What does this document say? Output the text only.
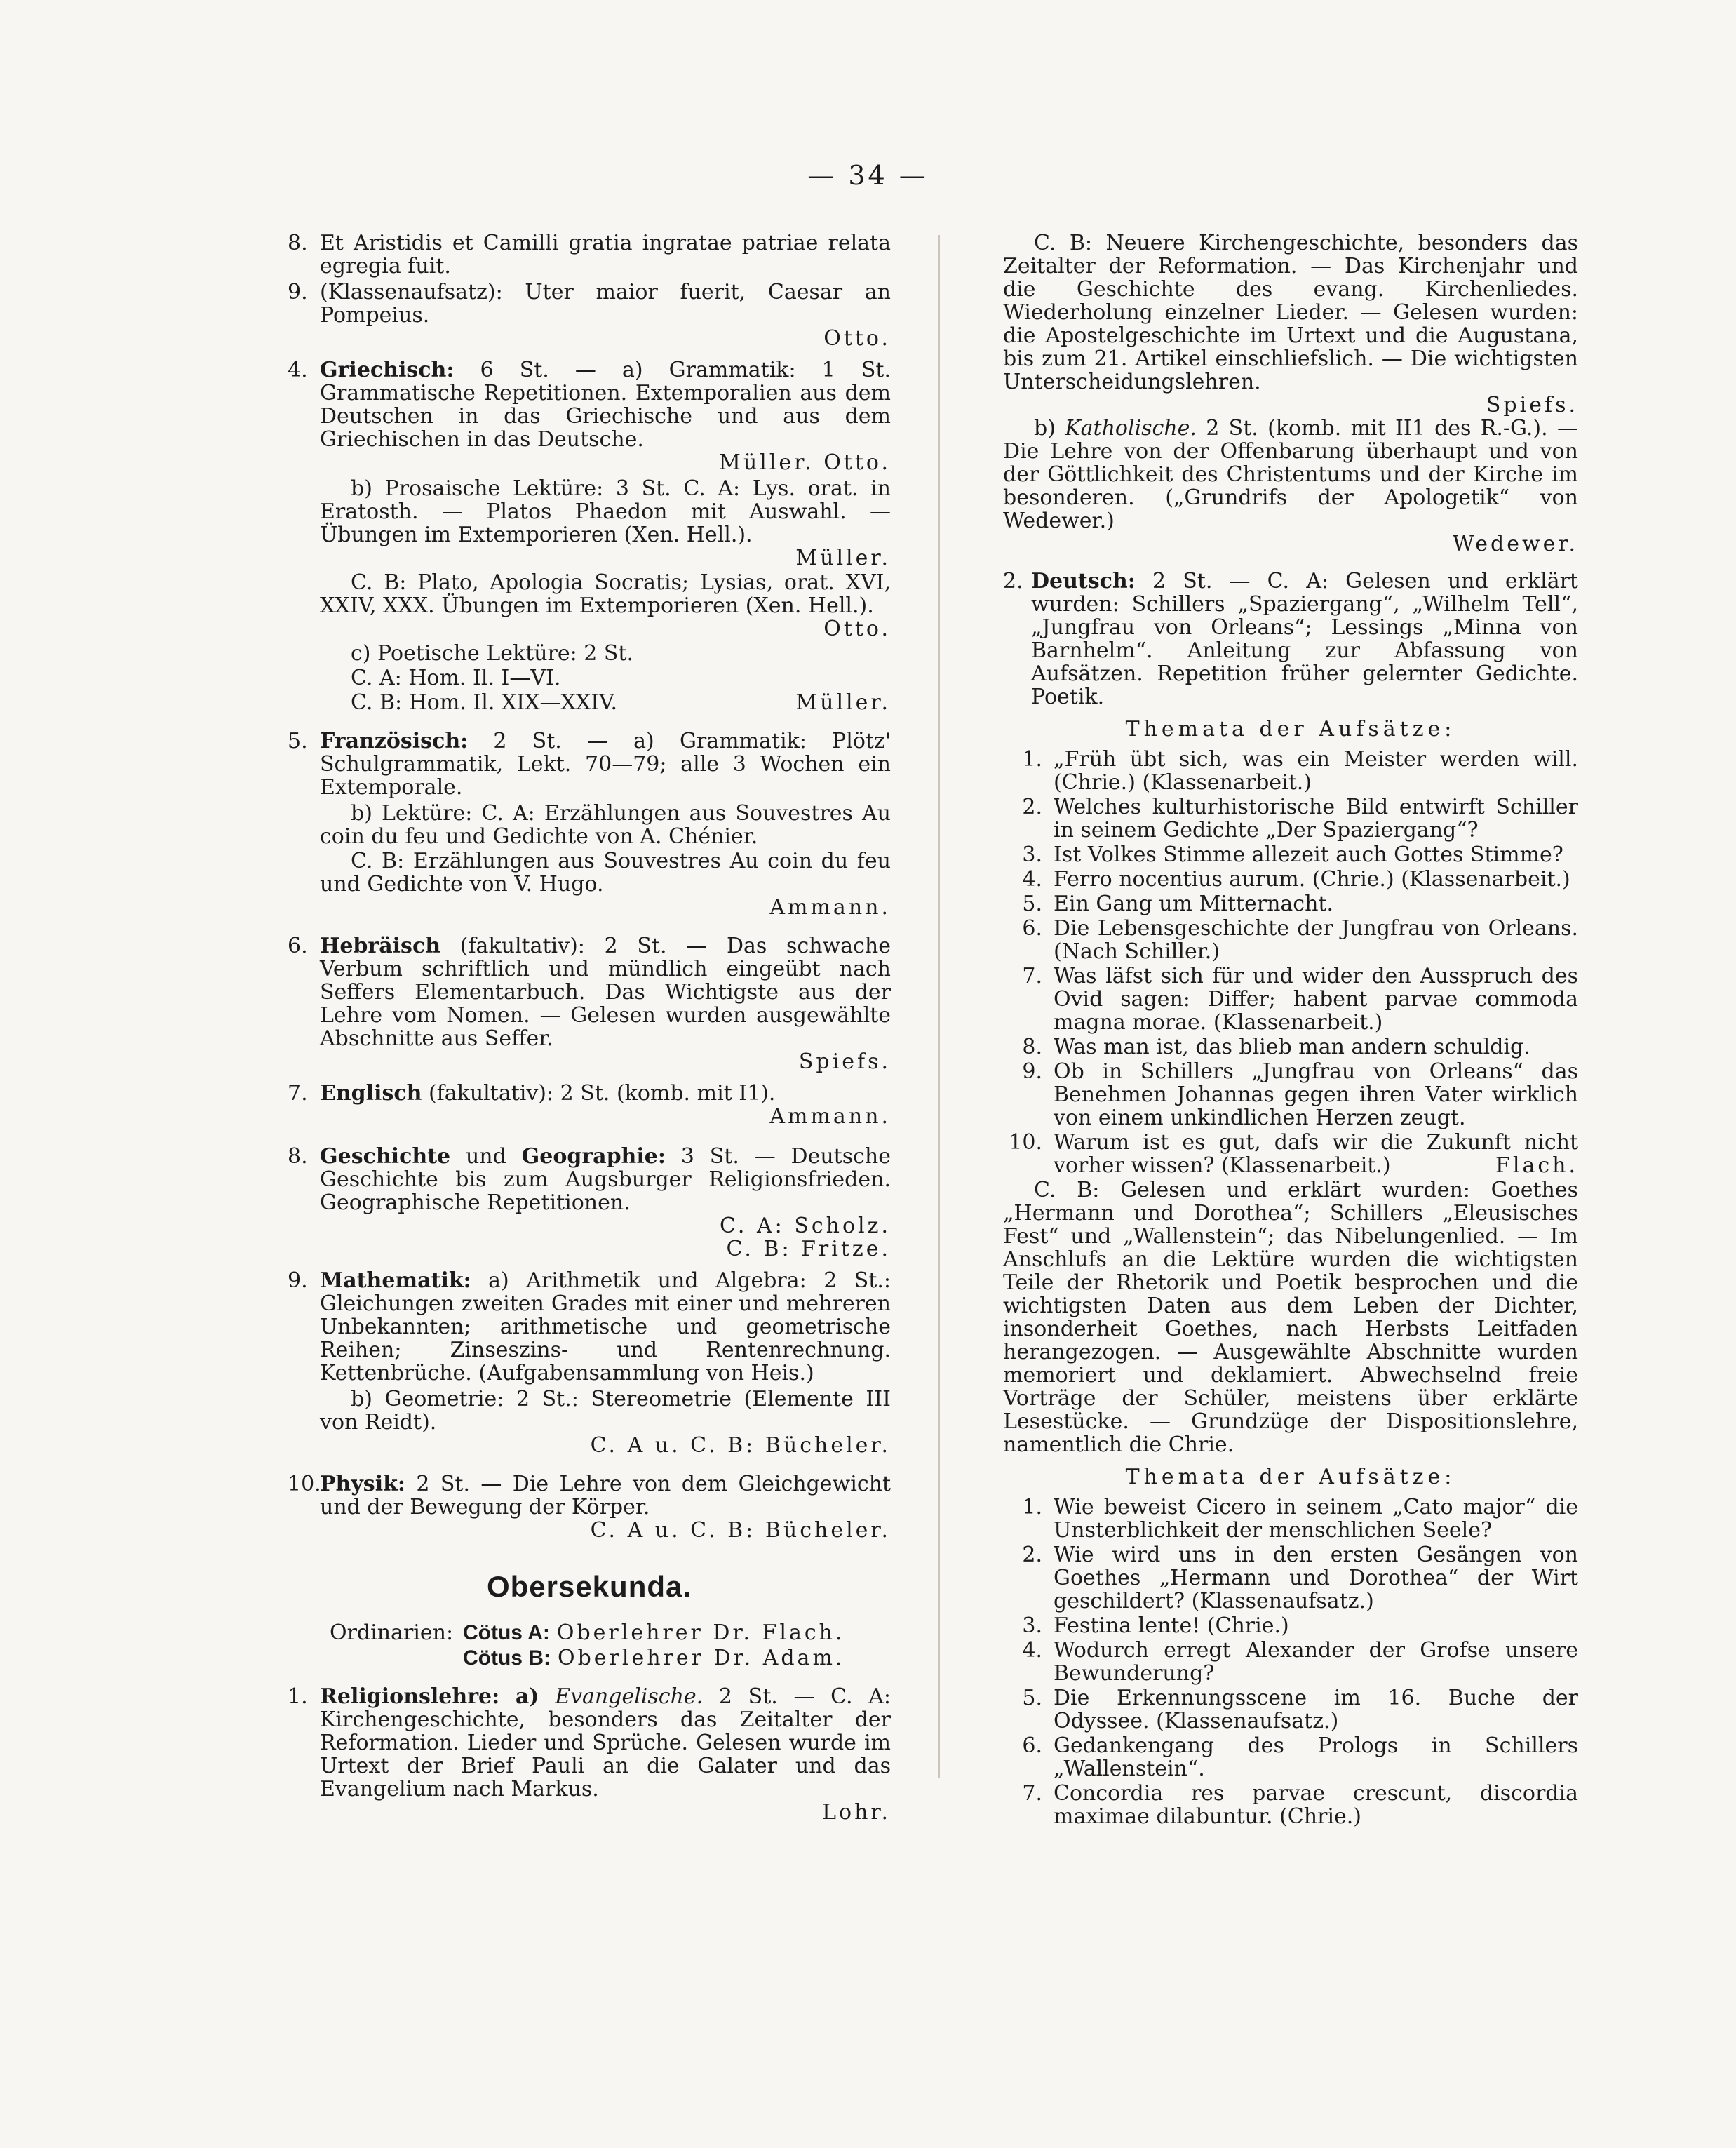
— 34 —
8. Et Aristidis et Camilli gratia ingratae patriae relata egregia fuit.
9. (Klassenaufsatz): Uter maior fuerit, Caesar an Pompeius.
Otto.
4. Griechisch: 6 St. — a) Grammatik: 1 St. Grammatische Repetitionen. Extemporalien aus dem Deutschen in das Griechische und aus dem Griechischen in das Deutsche.
Müller. Otto.
b) Prosaische Lektüre: 3 St. C. A: Lys. orat. in Eratosth. — Platos Phaedon mit Auswahl. — Übungen im Extemporieren (Xen. Hell.).
Müller.
C. B: Plato, Apologia Socratis; Lysias, orat. XVI, XXIV, XXX. Übungen im Extemporieren (Xen. Hell.).
Otto.
c) Poetische Lektüre: 2 St.
C. A: Hom. Il. I—VI.
C. B: Hom. Il. XIX—XXIV.	Müller.
5. Französisch: 2 St. — a) Grammatik: Plötz' Schulgrammatik, Lekt. 70—79; alle 3 Wochen ein Extemporale.
b) Lektüre: C. A: Erzählungen aus Souvestres Au coin du feu und Gedichte von A. Chénier.
C. B: Erzählungen aus Souvestres Au coin du feu und Gedichte von V. Hugo.
Ammann.
6. Hebräisch (fakultativ): 2 St. — Das schwache Verbum schriftlich und mündlich eingeübt nach Seffers Elementarbuch. Das Wichtigste aus der Lehre vom Nomen. — Gelesen wurden ausgewählte Abschnitte aus Seffer.
Spiefs.
7. Englisch (fakultativ): 2 St. (komb. mit I1).
Ammann.
8. Geschichte und Geographie: 3 St. — Deutsche Geschichte bis zum Augsburger Religionsfrieden. Geographische Repetitionen.
C. A: Scholz.
C. B: Fritze.
9. Mathematik: a) Arithmetik und Algebra: 2 St.: Gleichungen zweiten Grades mit einer und mehreren Unbekannten; arithmetische und geometrische Reihen; Zinseszins- und Rentenrechnung. Kettenbrüche. (Aufgabensammlung von Heis.)
b) Geometrie: 2 St.: Stereometrie (Elemente III von Reidt).
C. A u. C. B: Bücheler.
10.
Physik: 2 St. — Die Lehre von dem Gleichgewicht und der Bewegung der Körper.
C. A u. C. B: Bücheler.
Obersekunda.
Ordinarien: Cötus A: Oberlehrer Dr. Flach.
Cötus B: Oberlehrer Dr. Adam.
1. Religionslehre: a) Evangelische. 2 St. — C. A: Kirchengeschichte, besonders das Zeitalter der Reformation. Lieder und Sprüche. Gelesen wurde im Urtext der Brief Pauli an die Galater und das Evangelium nach Markus.
Lohr.
C. B: Neuere Kirchengeschichte, besonders das Zeitalter der Reformation. — Das Kirchenjahr und die Geschichte des evang. Kirchenliedes. Wiederholung einzelner Lieder. — Gelesen wurden: die Apostelgeschichte im Urtext und die Augustana, bis zum 21. Artikel einschliefslich. — Die wichtigsten Unterscheidungslehren.
Spiefs.
b) Katholische. 2 St. (komb. mit II1 des R.-G.). — Die Lehre von der Offenbarung überhaupt und von der Göttlichkeit des Christentums und der Kirche im besonderen. („Grundrifs der Apologetik“ von Wedewer.)
Wedewer.
2. Deutsch: 2 St. — C. A: Gelesen und erklärt wurden: Schillers „Spaziergang“, „Wilhelm Tell“, „Jungfrau von Orleans“; Lessings „Minna von Barnhelm“. Anleitung zur Abfassung von Aufsätzen. Repetition früher gelernter Gedichte. Poetik.
Themata der Aufsätze:
1. „Früh übt sich, was ein Meister werden will. (Chrie.) (Klassenarbeit.)
2. Welches kulturhistorische Bild entwirft Schiller in seinem Gedichte „Der Spaziergang“?
3. Ist Volkes Stimme allezeit auch Gottes Stimme?
4. Ferro nocentius aurum. (Chrie.) (Klassenarbeit.)
5. Ein Gang um Mitternacht.
6. Die Lebensgeschichte der Jungfrau von Orleans. (Nach Schiller.)
7. Was läfst sich für und wider den Ausspruch des Ovid sagen: Differ; habent parvae commoda magna morae. (Klassenarbeit.)
8. Was man ist, das blieb man andern schuldig.
9. Ob in Schillers „Jungfrau von Orleans“ das Benehmen Johannas gegen ihren Vater wirklich von einem unkindlichen Herzen zeugt.
10. Warum ist es gut, dafs wir die Zukunft nicht vorher wissen? (Klassenarbeit.)	Flach.
C. B: Gelesen und erklärt wurden: Goethes „Hermann und Dorothea“; Schillers „Eleusisches Fest“ und „Wallenstein“; das Nibelungenlied. — Im Anschlufs an die Lektüre wurden die wichtigsten Teile der Rhetorik und Poetik besprochen und die wichtigsten Daten aus dem Leben der Dichter, insonderheit Goethes, nach Herbsts Leitfaden herangezogen. — Ausgewählte Abschnitte wurden memoriert und deklamiert. Abwechselnd freie Vorträge der Schüler, meistens über erklärte Lesestücke. — Grundzüge der Dispositionslehre, namentlich die Chrie.
Themata der Aufsätze:
1. Wie beweist Cicero in seinem „Cato major“ die Unsterblichkeit der menschlichen Seele?
2. Wie wird uns in den ersten Gesängen von Goethes „Hermann und Dorothea“ der Wirt geschildert? (Klassenaufsatz.)
3. Festina lente! (Chrie.)
4. Wodurch erregt Alexander der Grofse unsere Bewunderung?
5. Die Erkennungsscene im 16. Buche der Odyssee. (Klassenaufsatz.)
6. Gedankengang des Prologs in Schillers „Wallenstein“.
7. Concordia res parvae crescunt, discordia maximae dilabuntur. (Chrie.)
